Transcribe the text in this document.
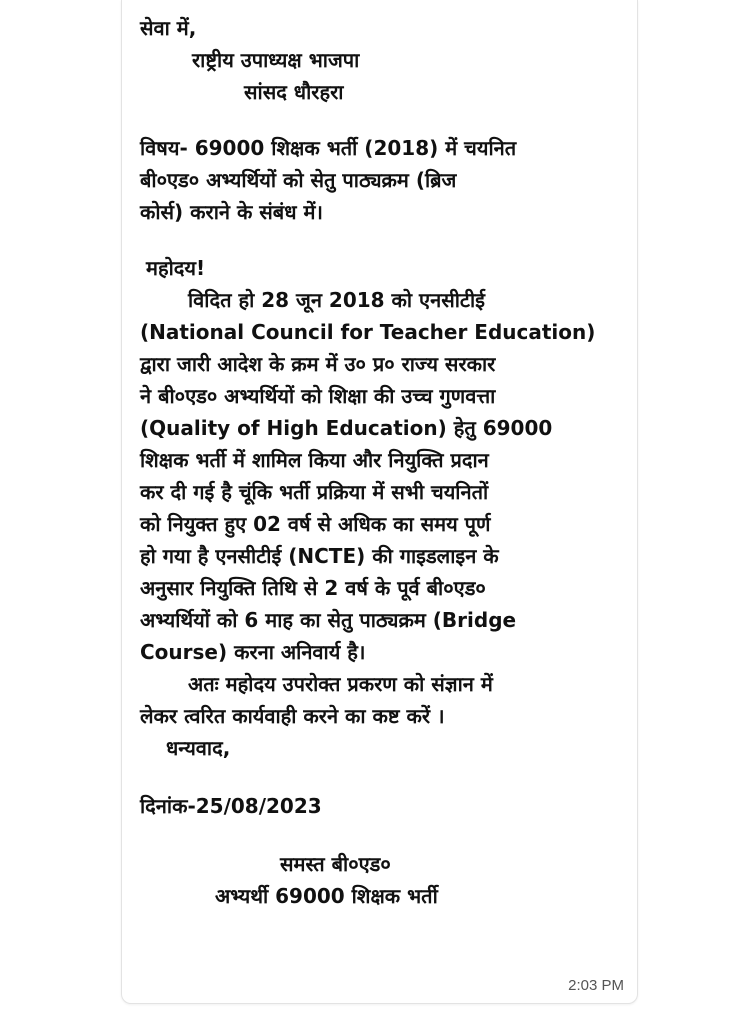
सेवा में,
राष्ट्रीय उपाध्यक्ष भाजपा
सांसद धौरहरा
विषय- 69000 शिक्षक भर्ती (2018) में चयनित
बी०एड० अभ्यर्थियों को सेतु पाठ्यक्रम (ब्रिज
कोर्स) कराने के संबंध में।
महोदय!
विदित हो 28 जून 2018 को एनसीटीई
(National Council for Teacher Education)
द्वारा जारी आदेश के क्रम में उ० प्र० राज्य सरकार
ने बी०एड० अभ्यर्थियों को शिक्षा की उच्च गुणवत्ता
(Quality of High Education) हेतु 69000
शिक्षक भर्ती में शामिल किया और नियुक्ति प्रदान
कर दी गई है चूंकि भर्ती प्रक्रिया में सभी चयनितों
को नियुक्त हुए 02 वर्ष से अधिक का समय पूर्ण
हो गया है एनसीटीई (NCTE) की गाइडलाइन के
अनुसार नियुक्ति तिथि से 2 वर्ष के पूर्व बी०एड०
अभ्यर्थियों को 6 माह का सेतु पाठ्यक्रम (Bridge
Course) करना अनिवार्य है।
अतः महोदय उपरोक्त प्रकरण को संज्ञान में
लेकर त्वरित कार्यवाही करने का कष्ट करें ।
धन्यवाद,
दिनांक-25/08/2023
समस्त बी०एड०
अभ्यर्थी 69000 शिक्षक भर्ती
2:03 PM
